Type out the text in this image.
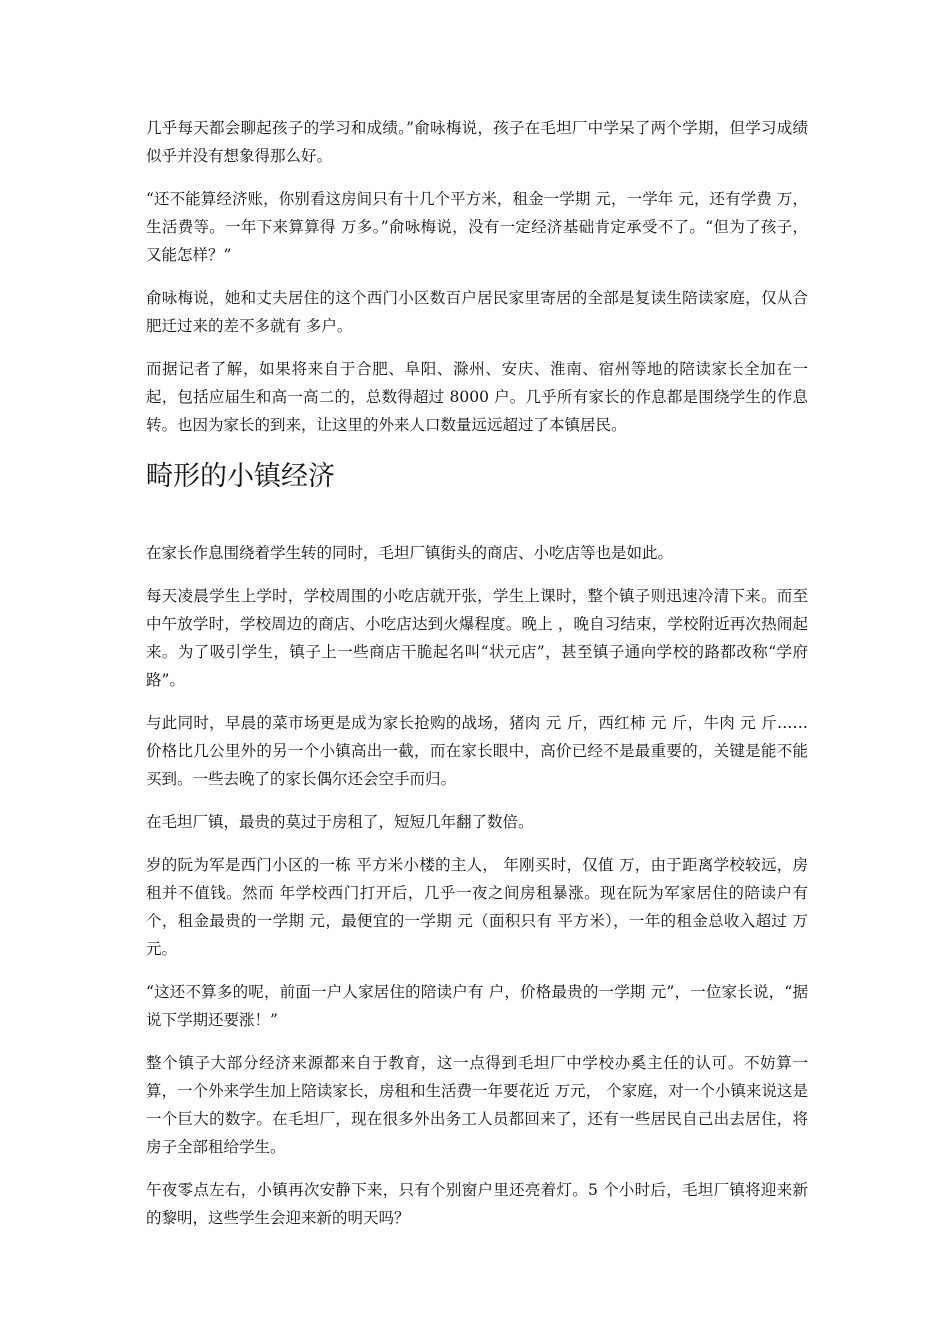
几乎每天都会聊起孩子的学习和成绩。”俞咏梅说，孩子在毛坦厂中学呆了两个学期，但学习成绩似乎并没有想象得那么好。

“还不能算经济账，你别看这房间只有十几个平方米，租金一学期 元，一学年 元，还有学费 万，生活费等。一年下来算算得 万多。”俞咏梅说，没有一定经济基础肯定承受不了。“但为了孩子，又能怎样？”

俞咏梅说，她和丈夫居住的这个西门小区数百户居民家里寄居的全部是复读生陪读家庭，仅从合肥迁过来的差不多就有 多户。

而据记者了解，如果将来自于合肥、阜阳、滁州、安庆、淮南、宿州等地的陪读家长全加在一起，包括应届生和高一高二的，总数得超过 8000 户。几乎所有家长的作息都是围绕学生的作息转。也因为家长的到来，让这里的外来人口数量远远超过了本镇居民。

畸形的小镇经济

在家长作息围绕着学生转的同时，毛坦厂镇街头的商店、小吃店等也是如此。

每天凌晨学生上学时，学校周围的小吃店就开张，学生上课时，整个镇子则迅速冷清下来。而至中午放学时，学校周边的商店、小吃店达到火爆程度。晚上 ，晚自习结束，学校附近再次热闹起来。为了吸引学生，镇子上一些商店干脆起名叫“状元店”，甚至镇子通向学校的路都改称“学府路”。

与此同时，早晨的菜市场更是成为家长抢购的战场，猪肉 元 斤，西红柿 元 斤，牛肉 元 斤……价格比几公里外的另一个小镇高出一截，而在家长眼中，高价已经不是最重要的，关键是能不能买到。一些去晚了的家长偶尔还会空手而归。

在毛坦厂镇，最贵的莫过于房租了，短短几年翻了数倍。

岁的阮为军是西门小区的一栋 平方米小楼的主人， 年刚买时，仅值 万，由于距离学校较远，房租并不值钱。然而 年学校西门打开后，几乎一夜之间房租暴涨。现在阮为军家居住的陪读户有 个，租金最贵的一学期 元，最便宜的一学期 元（面积只有 平方米），一年的租金总收入超过 万元。

“这还不算多的呢，前面一户人家居住的陪读户有 户，价格最贵的一学期 元”，一位家长说，“据说下学期还要涨！”

整个镇子大部分经济来源都来自于教育，这一点得到毛坦厂中学校办奚主任的认可。不妨算一算，一个外来学生加上陪读家长，房租和生活费一年要花近 万元， 个家庭，对一个小镇来说这是一个巨大的数字。在毛坦厂，现在很多外出务工人员都回来了，还有一些居民自己出去居住，将房子全部租给学生。

午夜零点左右，小镇再次安静下来，只有个别窗户里还亮着灯。5 个小时后，毛坦厂镇将迎来新的黎明，这些学生会迎来新的明天吗？
